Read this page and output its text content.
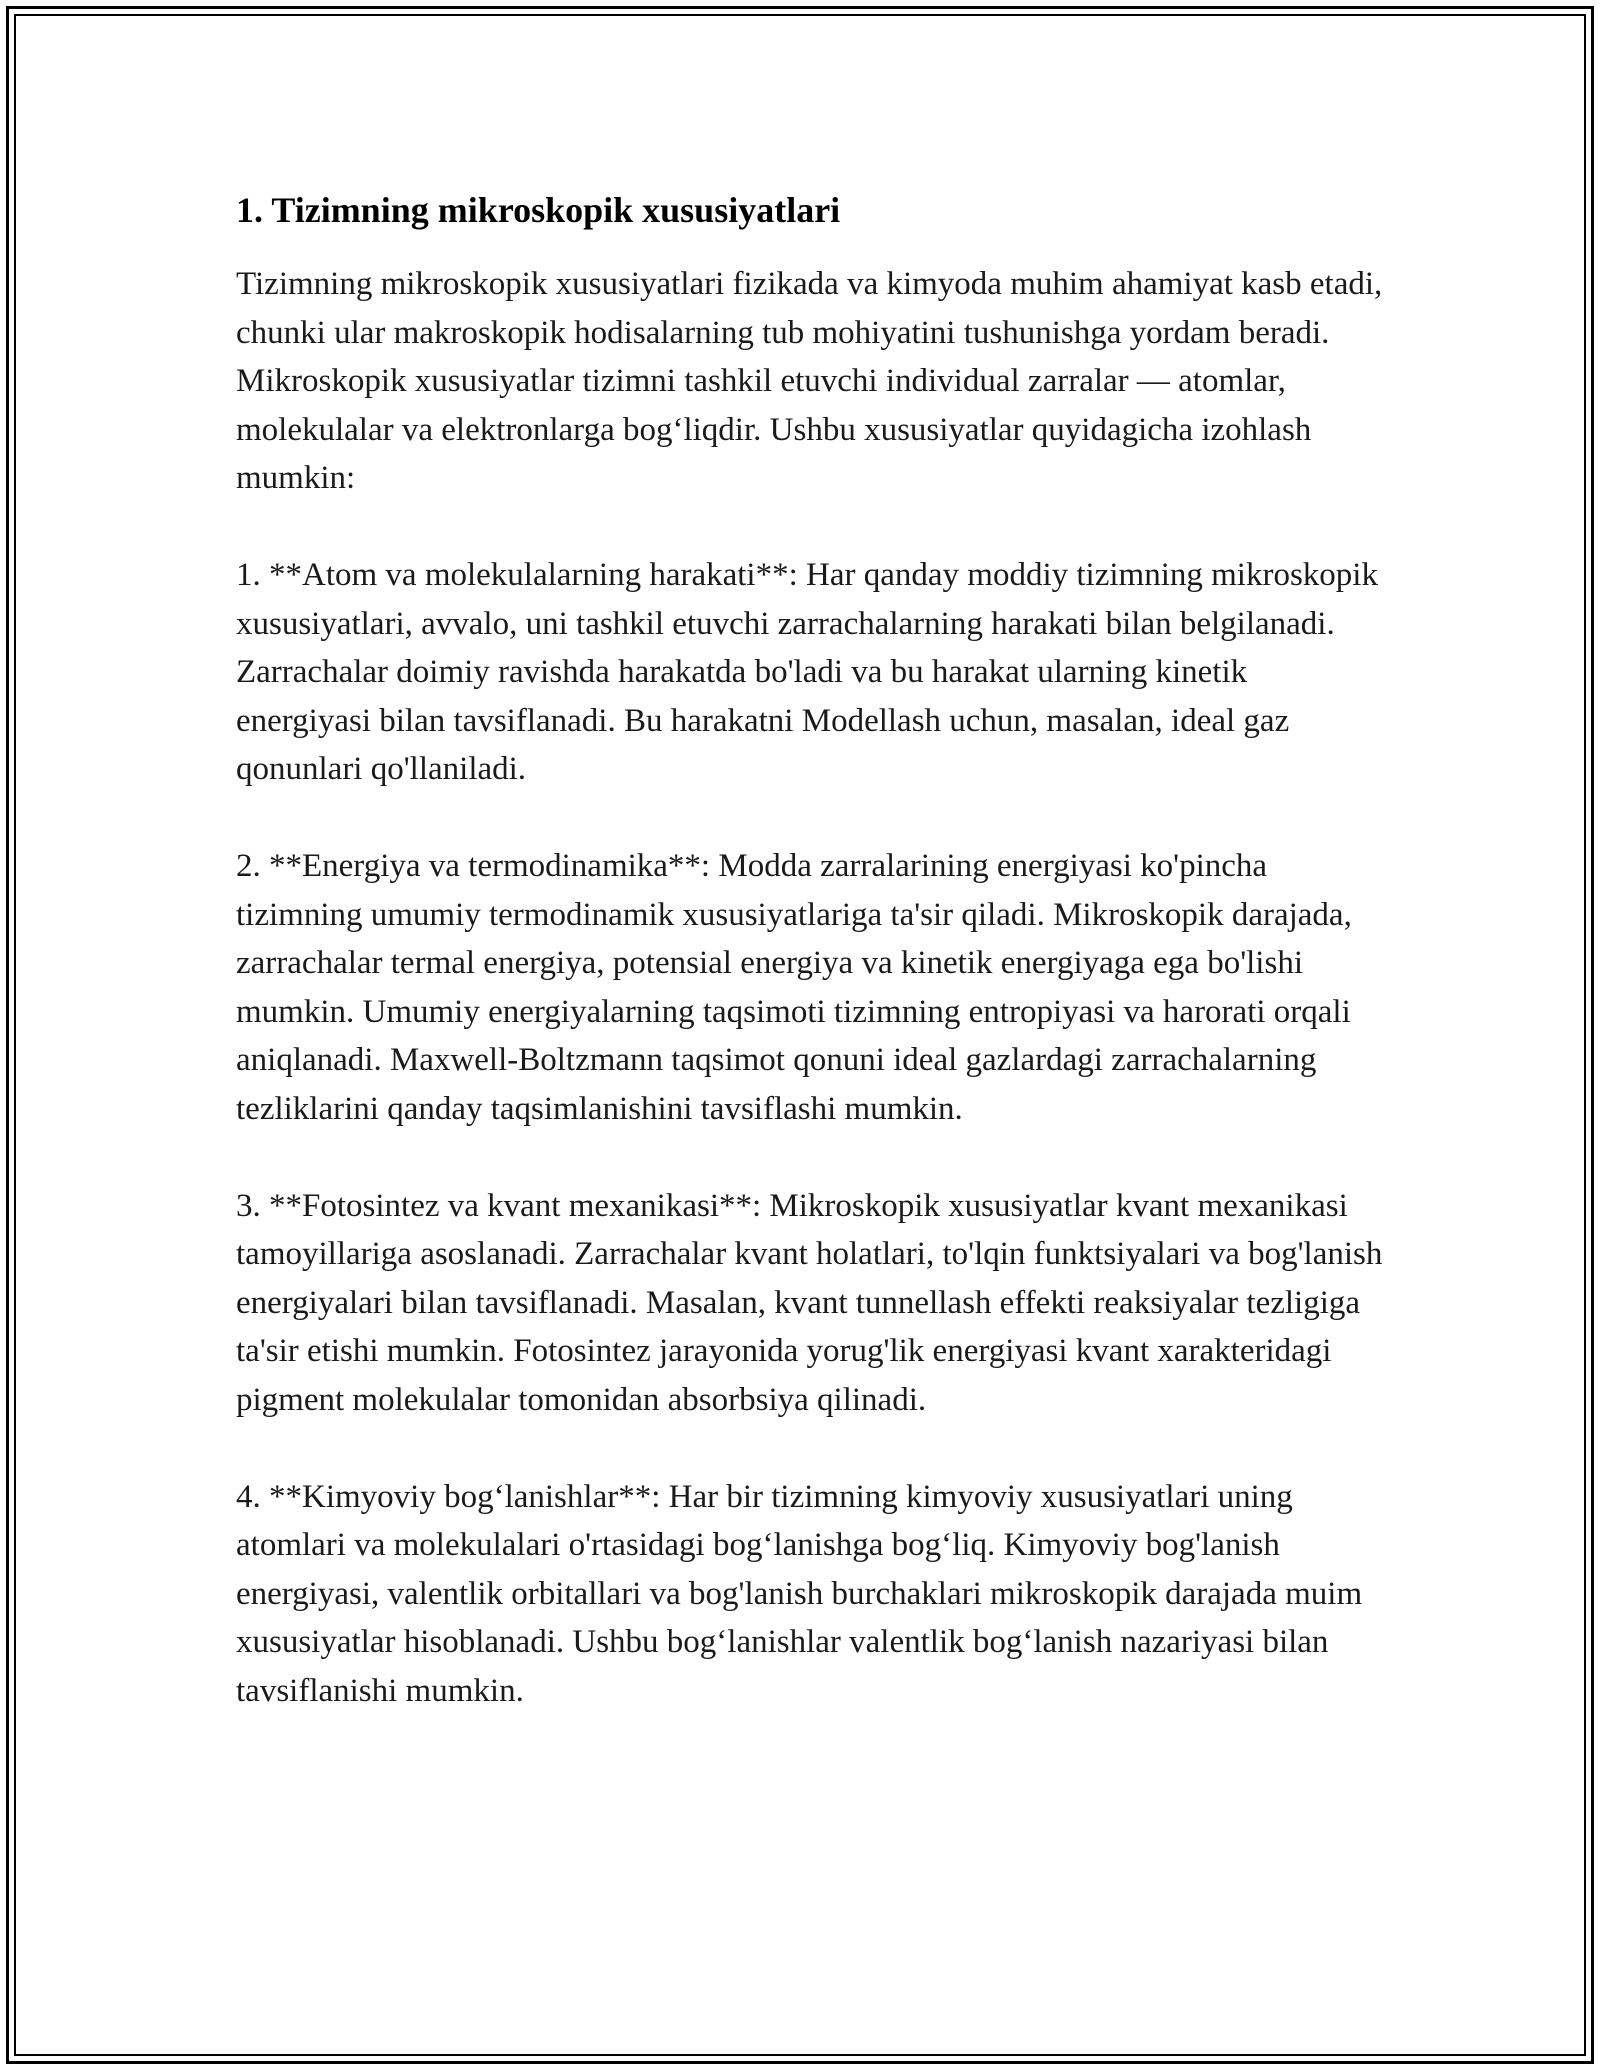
1. Tizimning mikroskopik xususiyatlari

Tizimning mikroskopik xususiyatlari fizikada va kimyoda muhim ahamiyat kasb etadi, chunki ular makroskopik hodisalarning tub mohiyatini tushunishga yordam beradi. Mikroskopik xususiyatlar tizimni tashkil etuvchi individual zarralar — atomlar, molekulalar va elektronlarga bog‘liqdir. Ushbu xususiyatlar quyidagicha izohlash mumkin:

1. **Atom va molekulalarning harakati**: Har qanday moddiy tizimning mikroskopik xususiyatlari, avvalo, uni tashkil etuvchi zarrachalarning harakati bilan belgilanadi. Zarrachalar doimiy ravishda harakatda bo'ladi va bu harakat ularning kinetik energiyasi bilan tavsiflanadi. Bu harakatni Modellash uchun, masalan, ideal gaz qonunlari qo'llaniladi.

2. **Energiya va termodinamika**: Modda zarralarining energiyasi ko'pincha tizimning umumiy termodinamik xususiyatlariga ta'sir qiladi. Mikroskopik darajada, zarrachalar termal energiya, potensial energiya va kinetik energiyaga ega bo'lishi mumkin. Umumiy energiyalarning taqsimoti tizimning entropiyasi va harorati orqali aniqlanadi. Maxwell-Boltzmann taqsimot qonuni ideal gazlardagi zarrachalarning tezliklarini qanday taqsimlanishini tavsiflashi mumkin.

3. **Fotosintez va kvant mexanikasi**: Mikroskopik xususiyatlar kvant mexanikasi tamoyillariga asoslanadi. Zarrachalar kvant holatlari, to'lqin funktsiyalari va bog'lanish energiyalari bilan tavsiflanadi. Masalan, kvant tunnellash effekti reaksiyalar tezligiga ta'sir etishi mumkin. Fotosintez jarayonida yorug'lik energiyasi kvant xarakteridagi pigment molekulalar tomonidan absorbsiya qilinadi.

4. **Kimyoviy bog‘lanishlar**: Har bir tizimning kimyoviy xususiyatlari uning atomlari va molekulalari o'rtasidagi bog‘lanishga bog‘liq. Kimyoviy bog'lanish energiyasi, valentlik orbitallari va bog'lanish burchaklari mikroskopik darajada muim xususiyatlar hisoblanadi. Ushbu bog‘lanishlar valentlik bog‘lanish nazariyasi bilan tavsiflanishi mumkin.
